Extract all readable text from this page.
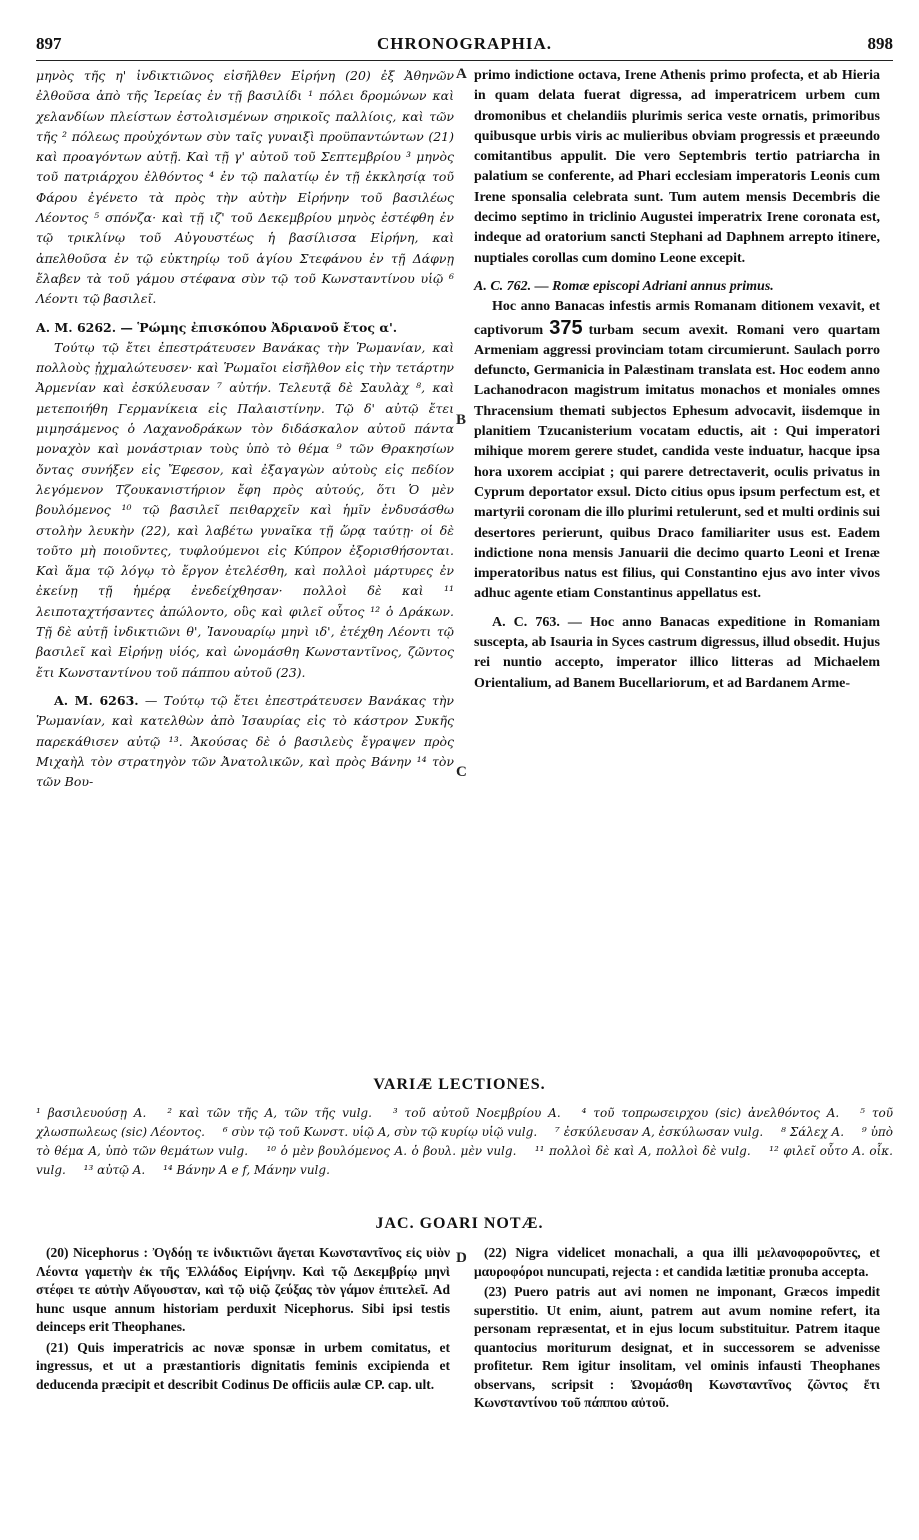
897	CHRONOGRAPHIA.	898

μηνὸς τῆς η' ἰνδικτιῶνος εἰσῆλθεν Εἰρήνη (20) ἐξ Ἀθηνῶν ἐλθοῦσα ἀπὸ τῆς Ἱερείας ἐν τῇ βασιλίδι ¹ πόλει δρομώνων καὶ χελανδίων πλείστων ἐστολισμένων σηρικοῖς παλλίοις, καὶ τῶν τῆς ² πόλεως προὐχόντων σὺν ταῖς γυναιξὶ προϋπαντώντων (21) καὶ προαγόντων αὐτῇ. Καὶ τῇ γ' αὐτοῦ τοῦ Σεπτεμβρίου ³ μηνὸς τοῦ πατριάρχου ἐλθόντος ⁴ ἐν τῷ παλατίῳ ἐν τῇ ἐκκλησίᾳ τοῦ Φάρου ἐγένετο τὰ πρὸς τὴν αὐτὴν Εἰρήνην τοῦ βασιλέως Λέοντος ⁵ σπόνζα· καὶ τῇ ιζ' τοῦ Δεκεμβρίου μηνὸς ἐστέφθη ἐν τῷ τρικλίνῳ τοῦ Αὐγουστέως ἡ βασίλισσα Εἰρήνη, καὶ ἀπελθοῦσα ἐν τῷ εὐκτηρίῳ τοῦ ἁγίου Στεφάνου ἐν τῇ Δάφνῃ ἔλαβεν τὰ τοῦ γάμου στέφανα σὺν τῷ τοῦ Κωνσταντίνου υἱῷ ⁶ Λέοντι τῷ βασιλεῖ.

A. M. 6262. — Ῥώμης ἐπισκόπου Ἀδριανοῦ ἔτος α'.

Τούτῳ τῷ ἔτει ἐπεστράτευσεν Βανάκας τὴν Ῥωμανίαν, καὶ πολλοὺς ᾐχμαλώτευσεν· καὶ Ῥωμαῖοι εἰσῆλθον εἰς τὴν τετάρτην Ἀρμενίαν καὶ ἐσκύλευσαν ⁷ αὐτήν. Τελευτᾷ δὲ Σαυλὰχ ⁸, καὶ μετεποιήθη Γερμανίκεια εἰς Παλαιστίνην. Τῷ δ' αὐτῷ ἔτει μιμησάμενος ὁ Λαχανοδράκων τὸν διδάσκαλον αὐτοῦ πάντα μοναχὸν καὶ μονάστριαν τοὺς ὑπὸ τὸ θέμα ⁹ τῶν Θρακησίων ὄντας συνήξεν εἰς Ἔφεσον, καὶ ἐξαγαγὼν αὐτοὺς εἰς πεδίον λεγόμενον Τζουκανιστήριον ἔφη πρὸς αὐτούς, ὅτι Ὁ μὲν βουλόμενος ¹⁰ τῷ βασιλεῖ πειθαρχεῖν καὶ ἡμῖν ἐνδυσάσθω στολὴν λευκὴν (22), καὶ λαβέτω γυναῖκα τῇ ὥρᾳ ταύτῃ· οἱ δὲ τοῦτο μὴ ποιοῦντες, τυφλούμενοι εἰς Κύπρον ἐξορισθήσονται. Καὶ ἅμα τῷ λόγῳ τὸ ἔργον ἐτελέσθη, καὶ πολλοὶ μάρτυρες ἐν ἐκείνῃ τῇ ἡμέρᾳ ἐνεδείχθησαν· πολλοὶ δὲ καὶ ¹¹ λειποταχτήσαντες ἀπώλοντο, οὓς καὶ φιλεῖ οὗτος ¹² ὁ Δράκων. Τῇ δὲ αὐτῇ ἰνδικτιῶνι θ', Ἰανουαρίῳ μηνὶ ιδ', ἐτέχθη Λέοντι τῷ βασιλεῖ καὶ Εἰρήνῃ υἱός, καὶ ὠνομάσθη Κωνσταντῖνος, ζῶντος ἔτι Κωνσταντίνου τοῦ πάππου αὐτοῦ (23).

A. M. 6263. — Τούτῳ τῷ ἔτει ἐπεστράτευσεν Βανάκας τὴν Ῥωμανίαν, καὶ κατελθὼν ἀπὸ Ἰσαυρίας εἰς τὸ κάστρον Συκῆς παρεκάθισεν αὐτῷ ¹³. Ἀκούσας δὲ ὁ βασιλεὺς ἔγραψεν πρὸς Μιχαὴλ τὸν στρατηγὸν τῶν Ἀνατολικῶν, καὶ πρὸς Βάνην ¹⁴ τὸν τῶν Βου-

A
B
C
D

primo indictione octava, Irene Athenis primo profecta, et ab Hieria in quam delata fuerat digressa, ad imperatricem urbem cum dromonibus et chelandiis plurimis serica veste ornatis, primoribus quibusque urbis viris ac mulieribus obviam progressis et præeundo comitantibus appulit. Die vero Septembris tertio patriarcha in palatium se conferente, ad Phari ecclesiam imperatoris Leonis cum Irene sponsalia celebrata sunt. Tum autem mensis Decembris die decimo septimo in triclinio Augustei imperatrix Irene coronata est, indeque ad oratorium sancti Stephani ad Daphnem arrepto itinere, nuptiales corollas cum domino Leone excepit.

A. C. 762. — Romæ episcopi Adriani annus primus.

Hoc anno Banacas infestis armis Romanam ditionem vexavit, et captivorum 375 turbam secum avexit. Romani vero quartam Armeniam aggressi provinciam totam circumierunt. Saulach porro defuncto, Germanicia in Palæstinam translata est. Hoc eodem anno Lachanodracon magistrum imitatus monachos et moniales omnes Thracensium themati subjectos Ephesum advocavit, iisdemque in planitiem Tzucanisterium vocatam eductis, ait : Qui imperatori mihique morem gerere studet, candida veste induatur, hacque ipsa hora uxorem accipiat ; qui parere detrectaverit, oculis privatus in Cyprum deportator exsul. Dicto citius opus ipsum perfectum est, et martyrii coronam die illo plurimi retulerunt, sed et multi ordinis sui desertores perierunt, quibus Draco familiariter usus est. Eadem indictione nona mensis Januarii die decimo quarto Leoni et Irenæ imperatoribus natus est filius, qui Constantino ejus avo inter vivos adhuc agente etiam Constantinus appellatus est.

A. C. 763. — Hoc anno Banacas expeditione in Romaniam suscepta, ab Isauria in Syces castrum digressus, illud obsedit. Hujus rei nuntio accepto, imperator illico litteras ad Michaelem Orientalium, ad Banem Bucellariorum, et ad Bardanem Arme-

VARIÆ LECTIONES.
¹ βασιλευούσῃ A. ² καὶ τῶν τῆς A, τῶν τῆς vulg. ³ τοῦ αὐτοῦ Νοεμβρίου A. ⁴ τοῦ τοπρωσειρχου (sic) ἀνελθόντος A. ⁵ τοῦ χλωσπωλεως (sic) Λέοντος. ⁶ σὺν τῷ τοῦ Κωνστ. υἱῷ A, σὺν τῷ κυρίῳ υἱῷ vulg. ⁷ ἐσκύλευσαν A, ἐσκύλωσαν vulg. ⁸ Σάλεχ A. ⁹ ὑπὸ τὸ θέμα A, ὑπὸ τῶν θεμάτων vulg. ¹⁰ ὁ μὲν βουλόμενος A. ὁ βουλ. μὲν vulg. ¹¹ πολλοὶ δὲ καὶ A, πολλοὶ δὲ vulg. ¹² φιλεῖ οὗτο A. οἷκ. vulg. ¹³ αὐτῷ A. ¹⁴ Βάνην A e f, Μάνην vulg.
JAC. GOARI NOTÆ.

(20) Nicephorus : Ὀγδόῃ τε ἰνδικτιῶνι ἄγεται Κωνσταντῖνος εἰς υἱὸν Λέοντα γαμετὴν ἐκ τῆς Ἑλλάδος Εἰρήνην. Καὶ τῷ Δεκεμβρίῳ μηνὶ στέφει τε αὐτὴν Αὔγουσταν, καὶ τῷ υἱῷ ζεύξας τὸν γάμον ἐπιτελεῖ. Ad hunc usque annum historiam perduxit Nicephorus. Sibi ipsi testis deinceps erit Theophanes.

(21) Quis imperatricis ac novæ sponsæ in urbem comitatus, et ingressus, et ut a præstantioris dignitatis feminis excipienda et deducenda præcipit et describit Codinus De officiis aulæ CP. cap. ult.

(22) Nigra videlicet monachali, a qua illi μελανοφοροῦντες, et μαυροφόροι nuncupati, rejecta : et candida lætitiæ pronuba accepta.

(23) Puero patris aut avi nomen ne imponant, Græcos impedit superstitio. Ut enim, aiunt, patrem aut avum nomine refert, ita personam repræsentat, et in ejus locum substituitur. Patrem itaque quantocius moriturum designat, et in successorem se advenisse profitetur. Rem igitur insolitam, vel ominis infausti Theophanes observans, scripsit : Ὠνομάσθη Κωνσταντῖνος ζῶντος ἔτι Κωνσταντίνου τοῦ πάππου αὐτοῦ.
